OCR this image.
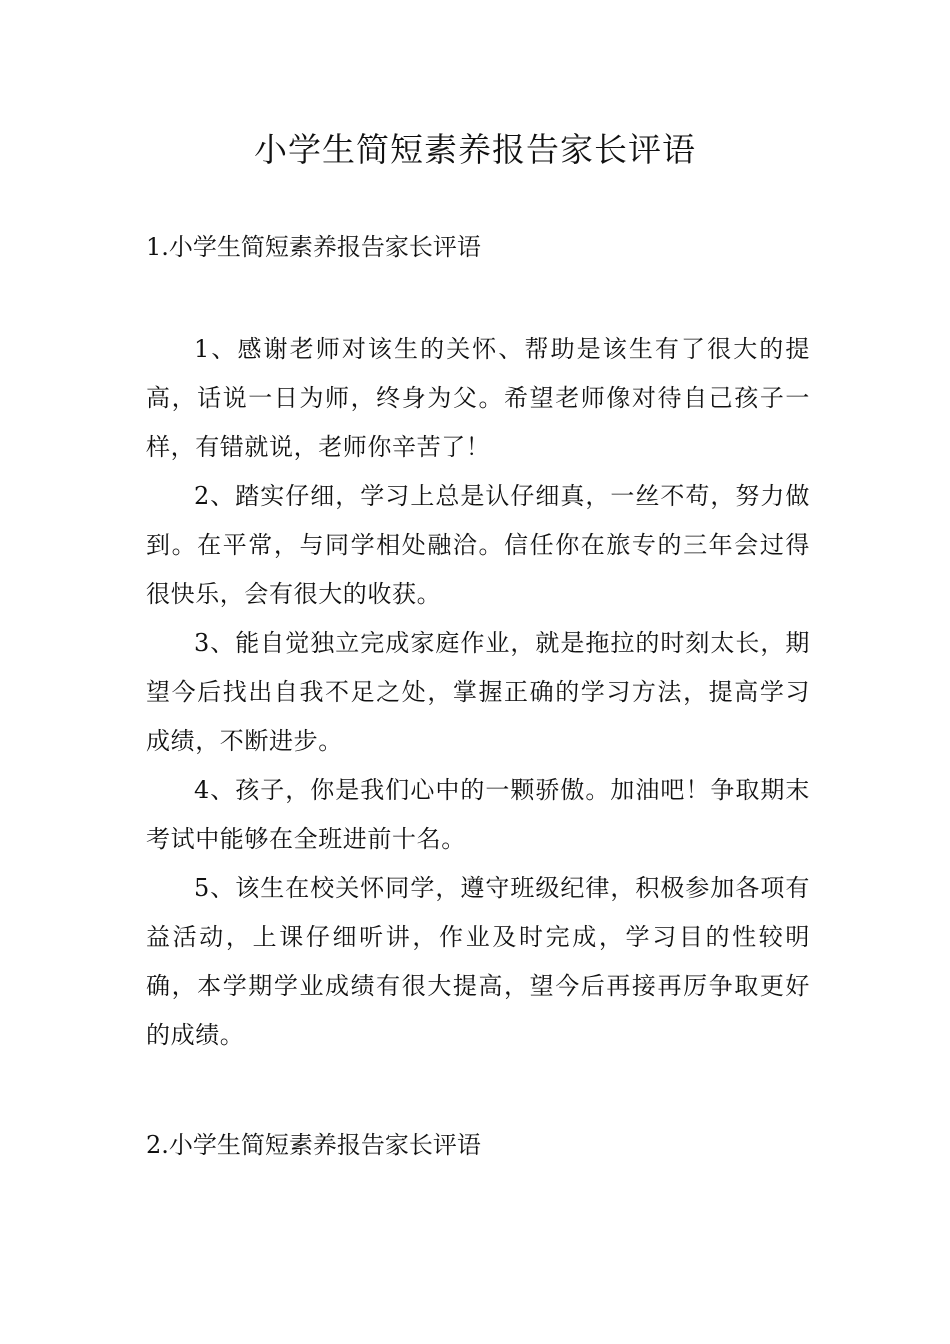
小学生简短素养报告家长评语
1.小学生简短素养报告家长评语

1、感谢老师对该生的关怀、帮助是该生有了很大的提高，话说一日为师，终身为父。希望老师像对待自己孩子一样，有错就说，老师你辛苦了！

2、踏实仔细，学习上总是认仔细真，一丝不苟，努力做到。在平常，与同学相处融洽。信任你在旅专的三年会过得很快乐，会有很大的收获。

3、能自觉独立完成家庭作业，就是拖拉的时刻太长，期望今后找出自我不足之处，掌握正确的学习方法，提高学习成绩，不断进步。

4、孩子，你是我们心中的一颗骄傲。加油吧！争取期末考试中能够在全班进前十名。

5、该生在校关怀同学，遵守班级纪律，积极参加各项有益活动，上课仔细听讲，作业及时完成，学习目的性较明确，本学期学业成绩有很大提高，望今后再接再厉争取更好的成绩。

2.小学生简短素养报告家长评语
